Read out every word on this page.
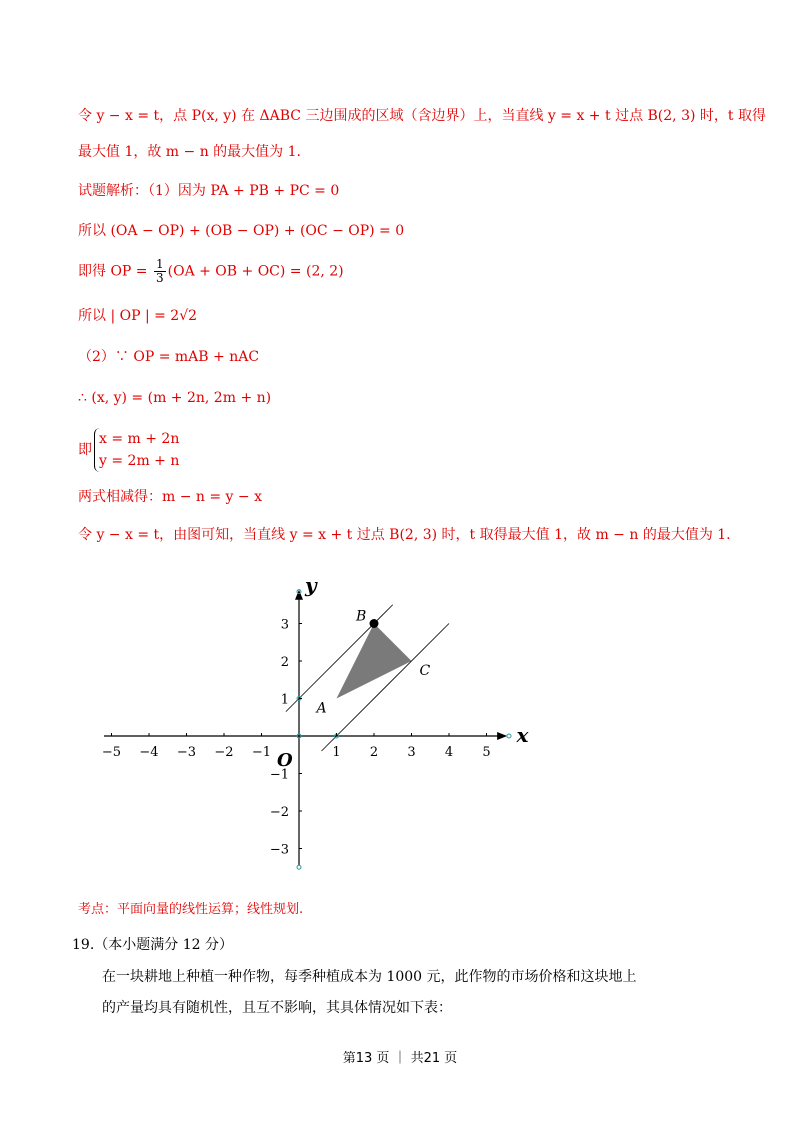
令 y − x = t，点 P(x, y) 在 ΔABC 三边围成的区域（含边界）上，当直线 y = x + t 过点 B(2, 3) 时，t 取得
最大值 1，故 m − n 的最大值为 1.
试题解析：（1）因为 PA + PB + PC = 0
所以 (OA − OP) + (OB − OP) + (OC − OP) = 0
即得 OP = $\frac{1}{3} (OA$ + OB + OC) = (2, 2)
所以 | OP | = 2√2
（2）∵ OP = mAB + nAC
∴ (x, y) = (m + 2n, 2m + n)
即
x = m + 2n
y = 2m + n
两式相减得：m − n = y − x
令 y − x = t，由图可知，当直线 y = x + t 过点 B(2, 3) 时，t 取得最大值 1，故 m − n 的最大值为 1.
x
y
O
−5 −4 −3 −2 −1	1 2 3 4 5
3
2
1
−1
−2
−3
A
B
C
考点：平面向量的线性运算；线性规划.
19.（本小题满分 12 分）
在一块耕地上种植一种作物，每季种植成本为 1000 元，此作物的市场价格和这块地上
的产量均具有随机性，且互不影响，其具体情况如下表：
第13 页 ｜ 共21 页
